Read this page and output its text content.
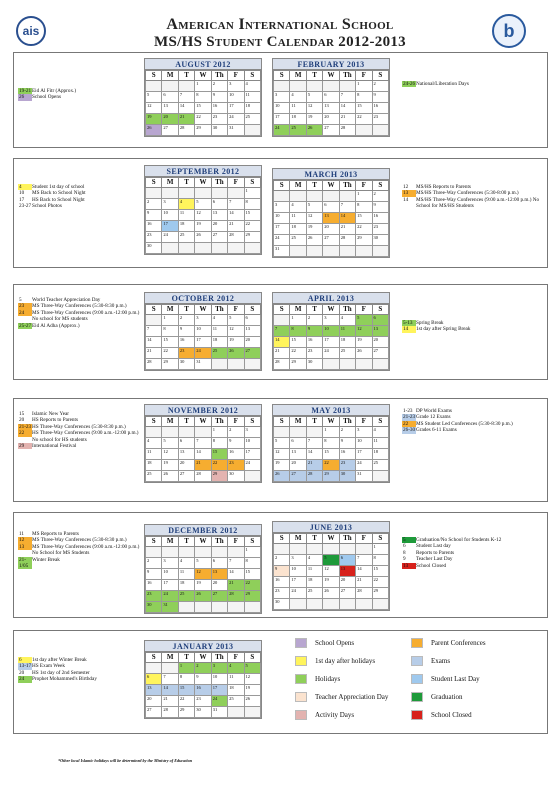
ais	American International School
MS/HS Student Calendar 2012-2013
b
AUGUST 2012
S	M	T	W	Th	F	S
			1	2	3	4
5	6	7	8	9	10	11
12	13	14	15	16	17	18
19	20	21	22	23	24	25
26	27	28	29	30	31	
FEBRUARY 2013
S	M	T	W	Th	F	S
					1	2
3	4	5	6	7	8	9
10	11	12	13	14	15	16
17	18	19	20	21	22	23
24	25	26	27	28		
SEPTEMBER 2012
S	M	T	W	Th	F	S
						1
2	3	4	5	6	7	8
9	10	11	12	13	14	15
16	17	18	19	20	21	22
23	24	25	26	27	28	29
30						
MARCH 2013
S	M	T	W	Th	F	S
					1	2
3	4	5	6	7	8	9
10	11	12	13	14	15	16
17	18	19	20	21	22	23
24	25	26	27	28	29	30
31						
OCTOBER 2012
S	M	T	W	Th	F	S
	1	2	3	4	5	6
7	8	9	10	11	12	13
14	15	16	17	18	19	20
21	22	23	24	25	26	27
28	29	30	31			
APRIL 2013
S	M	T	W	Th	F	S
	1	2	3	4	5	6
7	8	9	10	11	12	13
14	15	16	17	18	19	20
21	22	23	24	25	26	27
28	29	30				
NOVEMBER 2012
S	M	T	W	Th	F	S
				1	2	3
4	5	6	7	8	9	10
11	12	13	14	15	16	17
18	19	20	21	22	23	24
25	26	27	28	29	30	
MAY 2013
S	M	T	W	Th	F	S
			1	2	3	4
5	6	7	8	9	10	11
12	13	14	15	16	17	18
19	20	21	22	23	24	25
26	27	28	29	30	31	
DECEMBER 2012
S	M	T	W	Th	F	S
						1
2	3	4	5	6	7	8
9	10	11	12	13	14	15
16	17	18	19	20	21	22
23	24	25	26	27	28	29
30	31					
JUNE 2013
S	M	T	W	Th	F	S
						1
2	3	4	5	6	7	8
9	10	11	12	13	14	15
16	17	18	19	20	21	22
23	24	25	26	27	28	29
30						
JANUARY 2013
S	M	T	W	Th	F	S
		1	2	3	4	5
6	7	8	9	10	11	12
13	14	15	16	17	18	19
20	21	22	23	24	25	26
27	28	29	30	31		
19-21 Eid Al Fitr (Approx.)
26	School Opens
24-26 National/Liberation Days
4	Student 1st day of school
10	MS Back to School Night
17	HS Back to School Night
23-27 School Photos
12	MS/HS Reports to Parents
13	MS/HS Three-Way Conferences (5:30-8:00 p.m.)
14	MS/HS Three-Way Conferences (9:00 a.m.-12:00 p.m.) No School for MS/HS Students
5	World Teacher Appreciation Day
23	MS Three-Way Conferences (5:30-8:30 p.m.)
24	MS Three-Way Conferences (9:00 a.m.-12:00 p.m.) No school for MS students
25-27 Eid Al Adha (Approx.)	5-13 Spring Break
14	1st day after Spring Break
15	Islamic New Year
20	HS Reports to Parents
21-23 HS Three-Way Conferences (5:30-8:30 p.m.)
22	HS Three-Way Conferences (9:00 a.m.-12:00 p.m.) No school for HS students
29	International Festival
1-23 DP World Exams
21-23 Grade 12 Exams
22	MS Student Led Conferences (5:30-8:30 p.m.)
26-30 Grades 6-11 Exams
11	MS Reports to Parents
12	MS Three-Way Conferences (5:30-8:30 p.m.)
13	MS Three-Way Conferences (9:00 a.m.-12:00 p.m.) No School for MS Students
21-1/05
Winter Break
5	Graduation/No School for Students K-12
6	Student Last day
8	Reports to Parents
9	Teacher Last Day
13	School Closed
6	1st day after Winter Break
13-17 HS Exam Week
20	HS 1st day of 2nd Semester
24	Prophet Mohammed's Birthday
School Opens	Parent Conferences
1st day after holidays	Exams
Holidays	Student Last Day
Teacher Appreciation Day	Graduation
Activity Days	School Closed
*Other local Islamic holidays will be determined by the Ministry of Education
